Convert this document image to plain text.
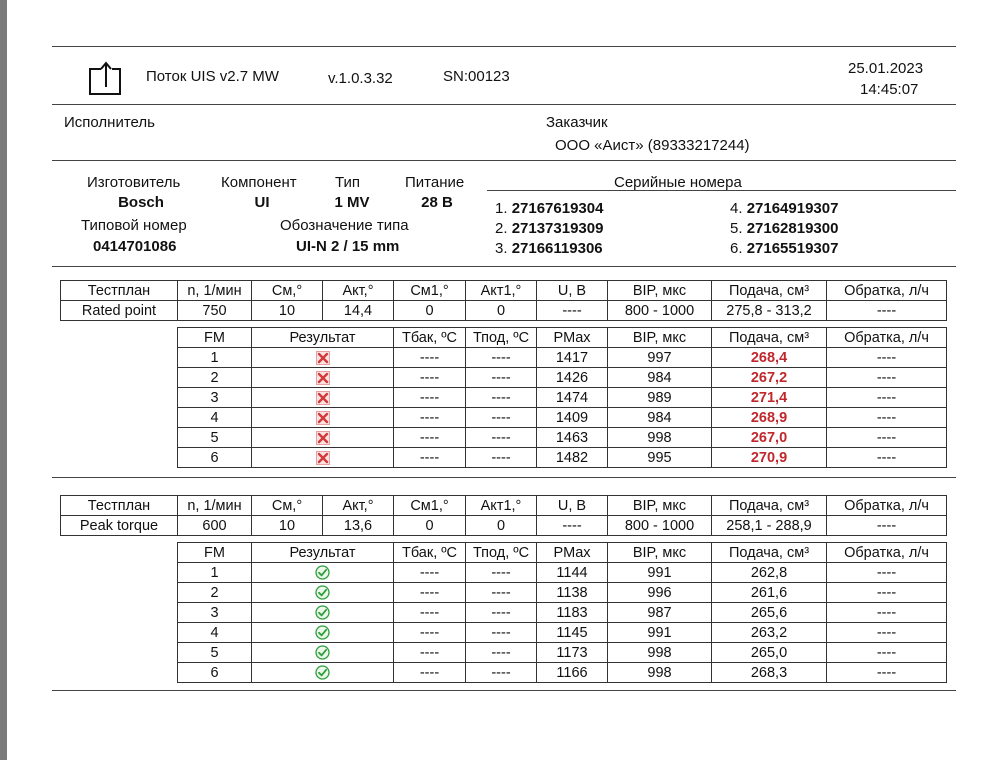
Поток UIS v2.7 MW	v.1.0.3.32	SN:00123	25.01.2023
14:45:07
Исполнитель	Заказчик
ООО «Аист» (89333217244)
Изготовитель
Bosch
Компонент
UI
Тип
1 MV
Питание
28 В
Типовой номер
0414701086
Обозначение типа
UI-N 2 / 15 mm
Серийные номера
1. 27167619304
2. 27137319309
3. 27166119306
4. 27164919307
5. 27162819300
6. 27165519307
Тестплан	n, 1/мин	См,°	Акт,°	См1,°	Акт1,°	U, В	BIP, мкс	Подача, см³	Обратка, л/ч
Rated point	750	10	14,4	0	0	----	800 - 1000	275,8 - 313,2	----
FM	Результат	Тбак, ºС	Тпод, ºС	PMax	BIP, мкс	Подача, см³	Обратка, л/ч
1		----	----	1417	997	268,4	----
2		----	----	1426	984	267,2	----
3		----	----	1474	989	271,4	----
4		----	----	1409	984	268,9	----
5		----	----	1463	998	267,0	----
6		----	----	1482	995	270,9	----
Тестплан	n, 1/мин	См,°	Акт,°	См1,°	Акт1,°	U, В	BIP, мкс	Подача, см³	Обратка, л/ч
Peak torque	600	10	13,6	0	0	----	800 - 1000	258,1 - 288,9	----
FM	Результат	Тбак, ºС	Тпод, ºС	PMax	BIP, мкс	Подача, см³	Обратка, л/ч
1		----	----	1144	991	262,8	----
2		----	----	1138	996	261,6	----
3		----	----	1183	987	265,6	----
4		----	----	1145	991	263,2	----
5		----	----	1173	998	265,0	----
6		----	----	1166	998	268,3	----
